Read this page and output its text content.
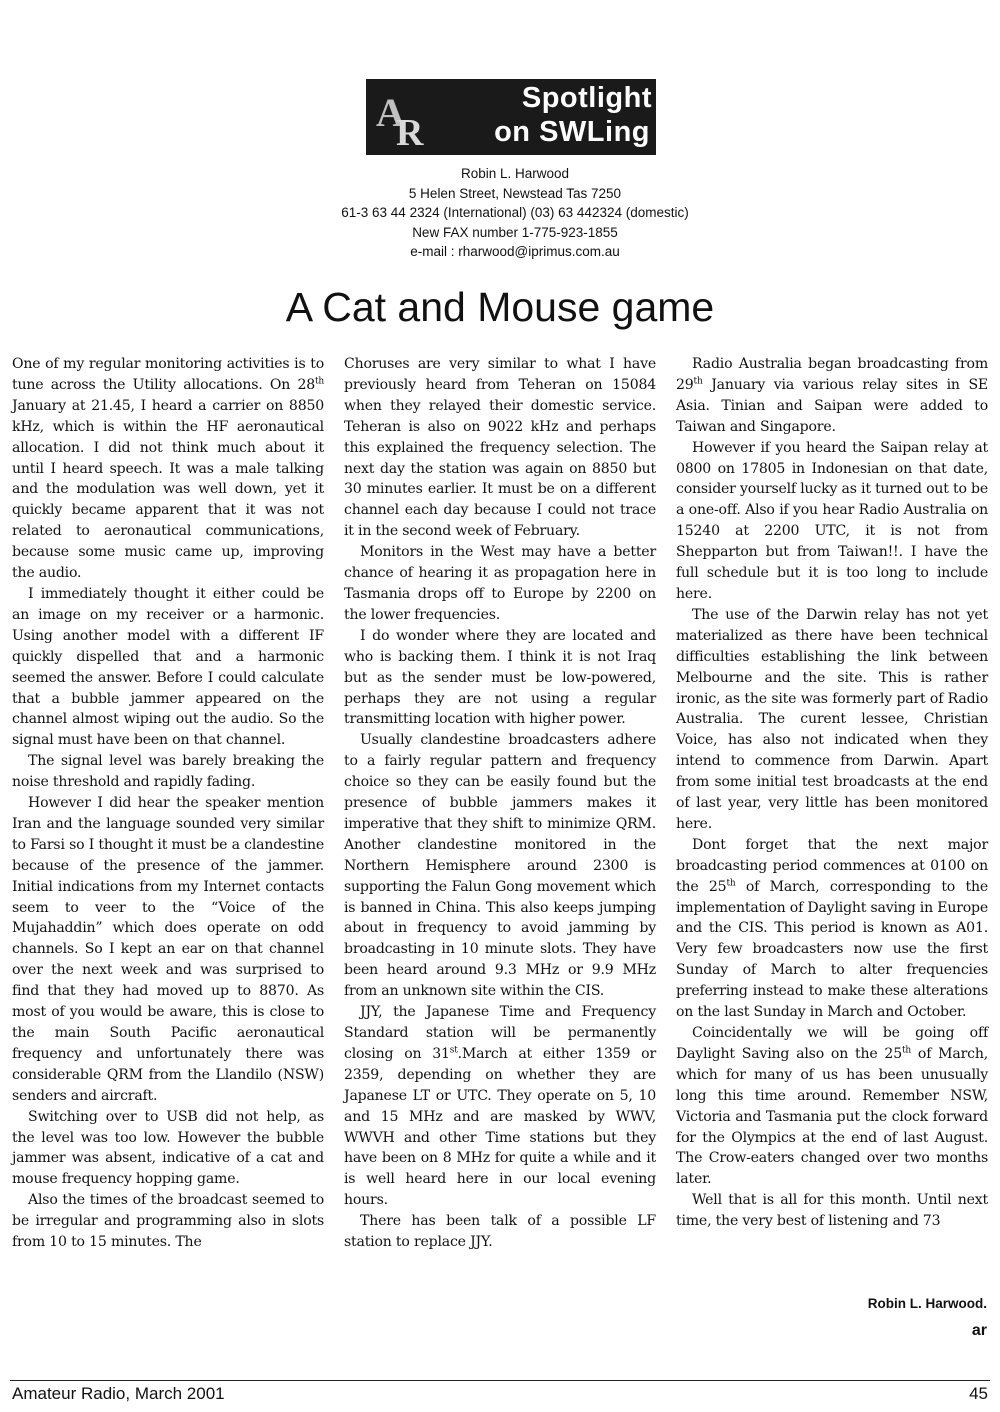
A
R
Spotlight
on SWLing
Robin L. Harwood
5 Helen Street, Newstead Tas 7250
61-3 63 44 2324 (International) (03) 63 442324 (domestic)
New FAX number 1-775-923-1855
e-mail : rharwood@iprimus.com.au
A Cat and Mouse game

One of my regular monitoring activities is to tune across the Utility allocations. On 28th January at 21.45, I heard a carrier on 8850 kHz, which is within the HF aeronautical allocation. I did not think much about it until I heard speech. It was a male talking and the modulation was well down, yet it quickly became apparent that it was not related to aeronautical communications, because some music came up, improving the audio.

I immediately thought it either could be an image on my receiver or a harmonic. Using another model with a different IF quickly dispelled that and a harmonic seemed the answer. Before I could calculate that a bubble jammer appeared on the channel almost wiping out the audio. So the signal must have been on that channel.

The signal level was barely breaking the noise threshold and rapidly fading.

However I did hear the speaker mention Iran and the language sounded very similar to Farsi so I thought it must be a clandestine because of the presence of the jammer. Initial indications from my Internet contacts seem to veer to the “Voice of the Mujahaddin” which does operate on odd channels. So I kept an ear on that channel over the next week and was surprised to find that they had moved up to 8870. As most of you would be aware, this is close to the main South Pacific aeronautical frequency and unfortunately there was considerable QRM from the Llandilo (NSW) senders and aircraft.

Switching over to USB did not help, as the level was too low. However the bubble jammer was absent, indicative of a cat and mouse frequency hopping game.

Also the times of the broadcast seemed to be irregular and programming also in slots from 10 to 15 minutes. The

Choruses are very similar to what I have previously heard from Teheran on 15084 when they relayed their domestic service. Teheran is also on 9022 kHz and perhaps this explained the frequency selection. The next day the station was again on 8850 but 30 minutes earlier. It must be on a different channel each day because I could not trace it in the second week of February.

Monitors in the West may have a better chance of hearing it as propagation here in Tasmania drops off to Europe by 2200 on the lower frequencies.

I do wonder where they are located and who is backing them. I think it is not Iraq but as the sender must be low-powered, perhaps they are not using a regular transmitting location with higher power.

Usually clandestine broadcasters adhere to a fairly regular pattern and frequency choice so they can be easily found but the presence of bubble jammers makes it imperative that they shift to minimize QRM. Another clandestine monitored in the Northern Hemisphere around 2300 is supporting the Falun Gong movement which is banned in China. This also keeps jumping about in frequency to avoid jamming by broadcasting in 10 minute slots. They have been heard around 9.3 MHz or 9.9 MHz from an unknown site within the CIS.

JJY, the Japanese Time and Frequency Standard station will be permanently closing on 31st.March at either 1359 or 2359, depending on whether they are Japanese LT or UTC. They operate on 5, 10 and 15 MHz and are masked by WWV, WWVH and other Time stations but they have been on 8 MHz for quite a while and it is well heard here in our local evening hours.

There has been talk of a possible LF station to replace JJY.

Radio Australia began broadcasting from 29th January via various relay sites in SE Asia. Tinian and Saipan were added to Taiwan and Singapore.

However if you heard the Saipan relay at 0800 on 17805 in Indonesian on that date, consider yourself lucky as it turned out to be a one-off. Also if you hear Radio Australia on 15240 at 2200 UTC, it is not from Shepparton but from Taiwan!!. I have the full schedule but it is too long to include here.

The use of the Darwin relay has not yet materialized as there have been technical difficulties establishing the link between Melbourne and the site. This is rather ironic, as the site was formerly part of Radio Australia. The curent lessee, Christian Voice, has also not indicated when they intend to commence from Darwin. Apart from some initial test broadcasts at the end of last year, very little has been monitored here.

Dont forget that the next major broadcasting period commences at 0100 on the 25th of March, corresponding to the implementation of Daylight saving in Europe and the CIS. This period is known as A01. Very few broadcasters now use the first Sunday of March to alter frequencies preferring instead to make these alterations on the last Sunday in March and October.

Coincidentally we will be going off Daylight Saving also on the 25th of March, which for many of us has been unusually long this time around. Remember NSW, Victoria and Tasmania put the clock forward for the Olympics at the end of last August. The Crow-eaters changed over two months later.

Well that is all for this month. Until next time, the very best of listening and 73

Robin L. Harwood.
ar
Amateur Radio, March 2001	45
